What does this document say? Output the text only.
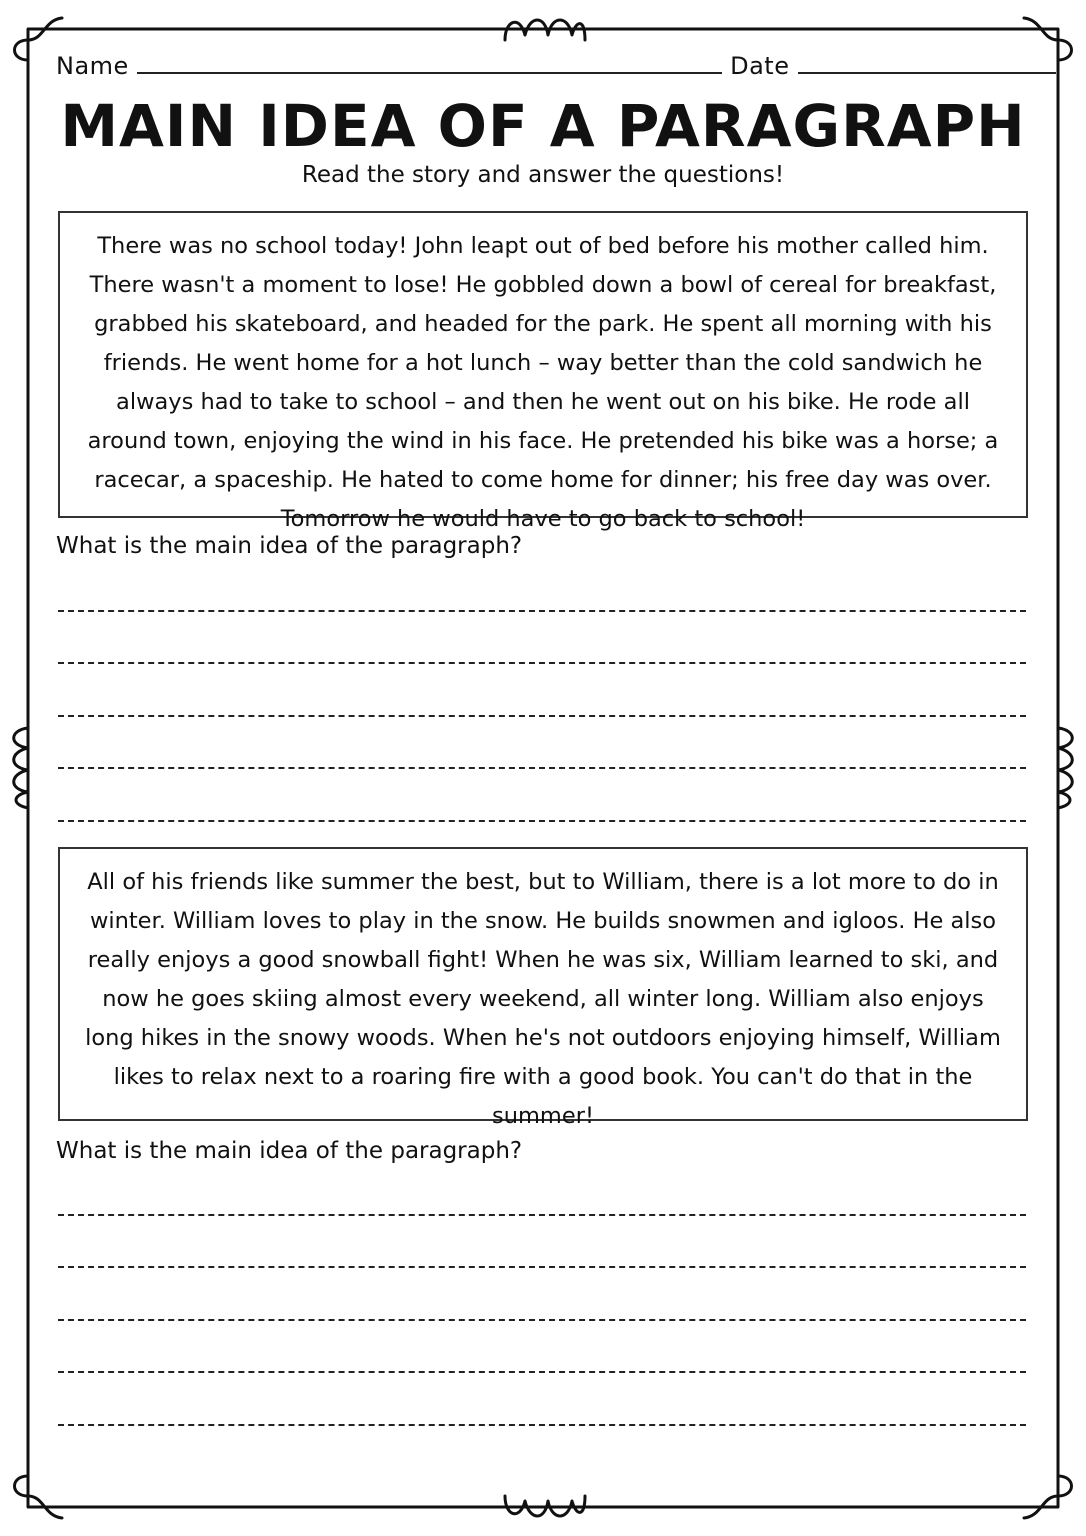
Name	Date
MAIN IDEA OF A PARAGRAPH
Read the story and answer the questions!
There was no school today! John leapt out of bed before his mother called him. There wasn't a moment to lose! He gobbled down a bowl of cereal for breakfast, grabbed his skateboard, and headed for the park. He spent all morning with his friends. He went home for a hot lunch – way better than the cold sandwich he always had to take to school – and then he went out on his bike. He rode all around town, enjoying the wind in his face. He pretended his bike was a horse; a racecar, a spaceship. He hated to come home for dinner; his free day was over. Tomorrow he would have to go back to school!
What is the main idea of the paragraph?
All of his friends like summer the best, but to William, there is a lot more to do in winter. William loves to play in the snow. He builds snowmen and igloos. He also really enjoys a good snowball fight! When he was six, William learned to ski, and now he goes skiing almost every weekend, all winter long. William also enjoys long hikes in the snowy woods. When he's not outdoors enjoying himself, William likes to relax next to a roaring fire with a good book. You can't do that in the summer!
What is the main idea of the paragraph?
